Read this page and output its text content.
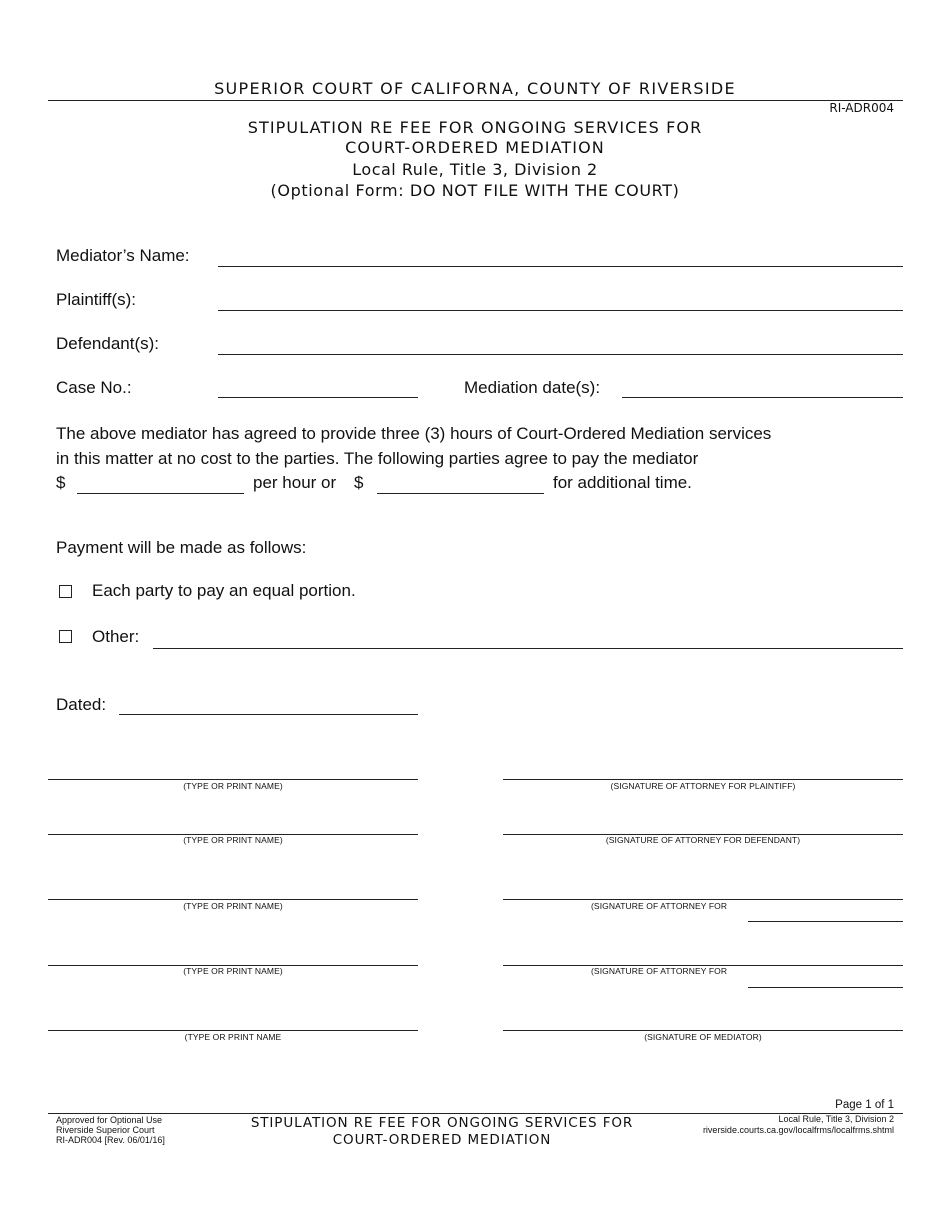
SUPERIOR COURT OF CALIFORNA, COUNTY OF RIVERSIDE
RI-ADR004
STIPULATION RE FEE FOR ONGOING SERVICES FOR
COURT-ORDERED MEDIATION
Local Rule, Title 3, Division 2
(Optional Form: DO NOT FILE WITH THE COURT)
Mediator’s Name:
Plaintiff(s):
Defendant(s):
Case No.:	Mediation date(s):
The above mediator has agreed to provide three (3) hours of Court-Ordered Mediation services
in this matter at no cost to the parties. The following parties agree to pay the mediator
$	per hour or $	for additional time.
Payment will be made as follows:
Each party to pay an equal portion.
Other:
Dated:
(TYPE OR PRINT NAME)	(SIGNATURE OF ATTORNEY FOR PLAINTIFF)
(TYPE OR PRINT NAME)	(SIGNATURE OF ATTORNEY FOR DEFENDANT)
(TYPE OR PRINT NAME)	(SIGNATURE OF ATTORNEY FOR
(TYPE OR PRINT NAME)	(SIGNATURE OF ATTORNEY FOR
(TYPE OR PRINT NAME	(SIGNATURE OF MEDIATOR)
Page 1 of 1
Approved for Optional Use
Riverside Superior Court
RI-ADR004 [Rev. 06/01/16]
STIPULATION RE FEE FOR ONGOING SERVICES FOR
COURT-ORDERED MEDIATION
Local Rule, Title 3, Division 2
riverside.courts.ca.gov/localfrms/localfrms.shtml
